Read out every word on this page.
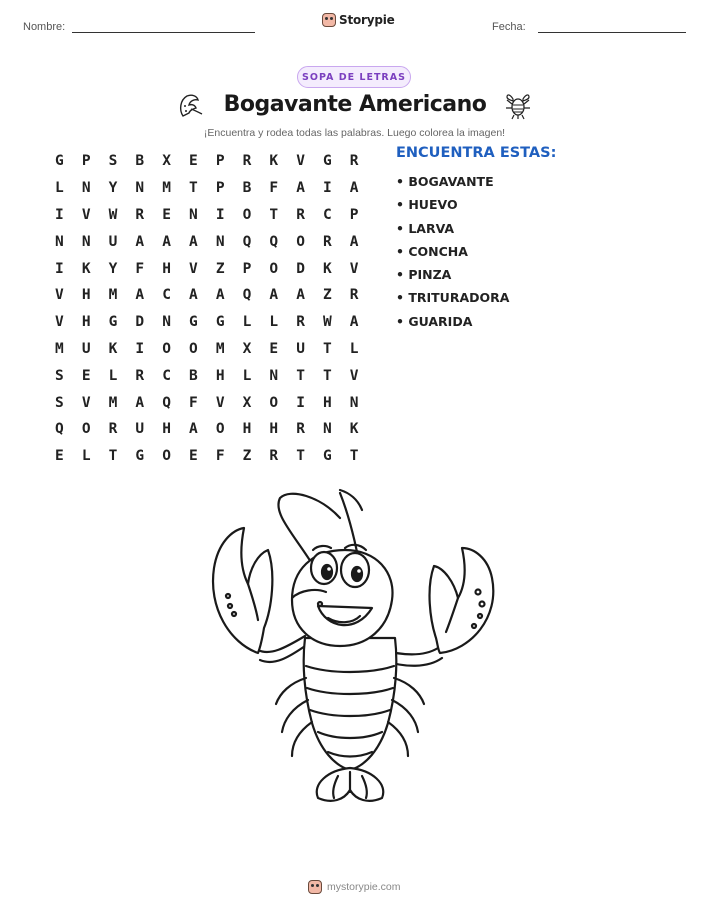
Nombre:	Storypie	Fecha:
SOPA DE LETRAS
Bogavante Americano
¡Encuentra y rodea todas las palabras. Luego colorea la imagen!
G	P	S	B	X	E	P	R	K	V	G	R
L	N	Y	N	M	T	P	B	F	A	I	A
I	V	W	R	E	N	I	O	T	R	C	P
N	N	U	A	A	A	N	Q	Q	O	R	A
I	K	Y	F	H	V	Z	P	O	D	K	V
V	H	M	A	C	A	A	Q	A	A	Z	R
V	H	G	D	N	G	G	L	L	R	W	A
M	U	K	I	O	O	M	X	E	U	T	L
S	E	L	R	C	B	H	L	N	T	T	V
S	V	M	A	Q	F	V	X	O	I	H	N
Q	O	R	U	H	A	O	H	H	R	N	K
E	L	T	G	O	E	F	Z	R	T	G	T
ENCUENTRA ESTAS:
• BOGAVANTE
• HUEVO
• LARVA
• CONCHA
• PINZA
• TRITURADORA
• GUARIDA
mystorypie.com
